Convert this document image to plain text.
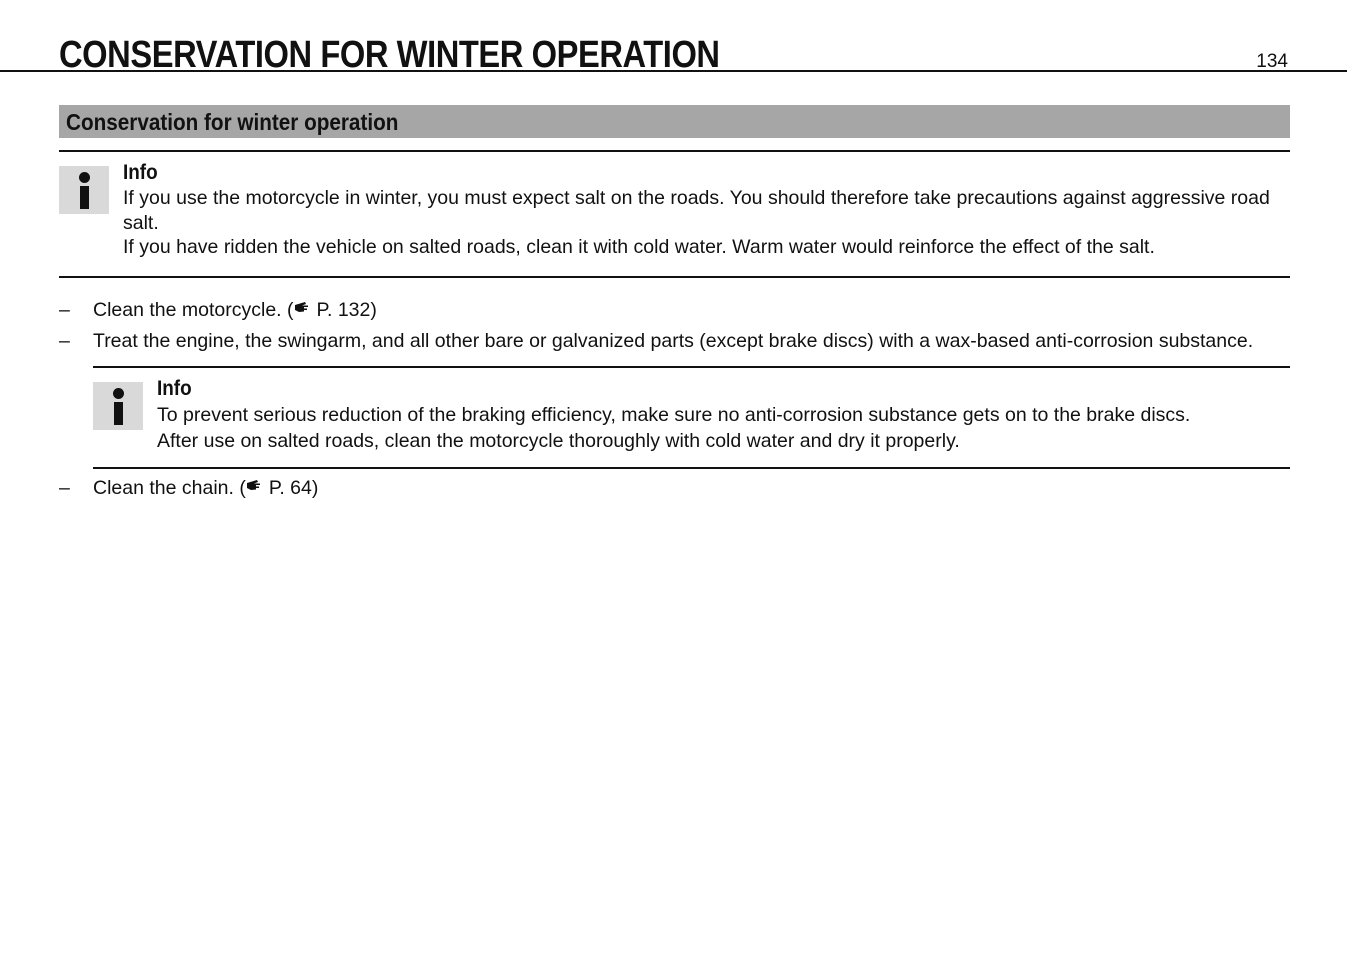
CONSERVATION FOR WINTER OPERATION	134
Conservation for winter operation
Info

If you use the motorcycle in winter, you must expect salt on the roads. You should therefore take precautions against aggressive road salt.

If you have ridden the vehicle on salted roads, clean it with cold water. Warm water would reinforce the effect of the salt.

– Clean the motorcycle. ( P. 132)
– Treat the engine, the swingarm, and all other bare or galvanized parts (except brake discs) with a wax-based anti-corrosion substance.
Info

To prevent serious reduction of the braking efficiency, make sure no anti-corrosion substance gets on to the brake discs.

After use on salted roads, clean the motorcycle thoroughly with cold water and dry it properly.

– Clean the chain. ( P. 64)
